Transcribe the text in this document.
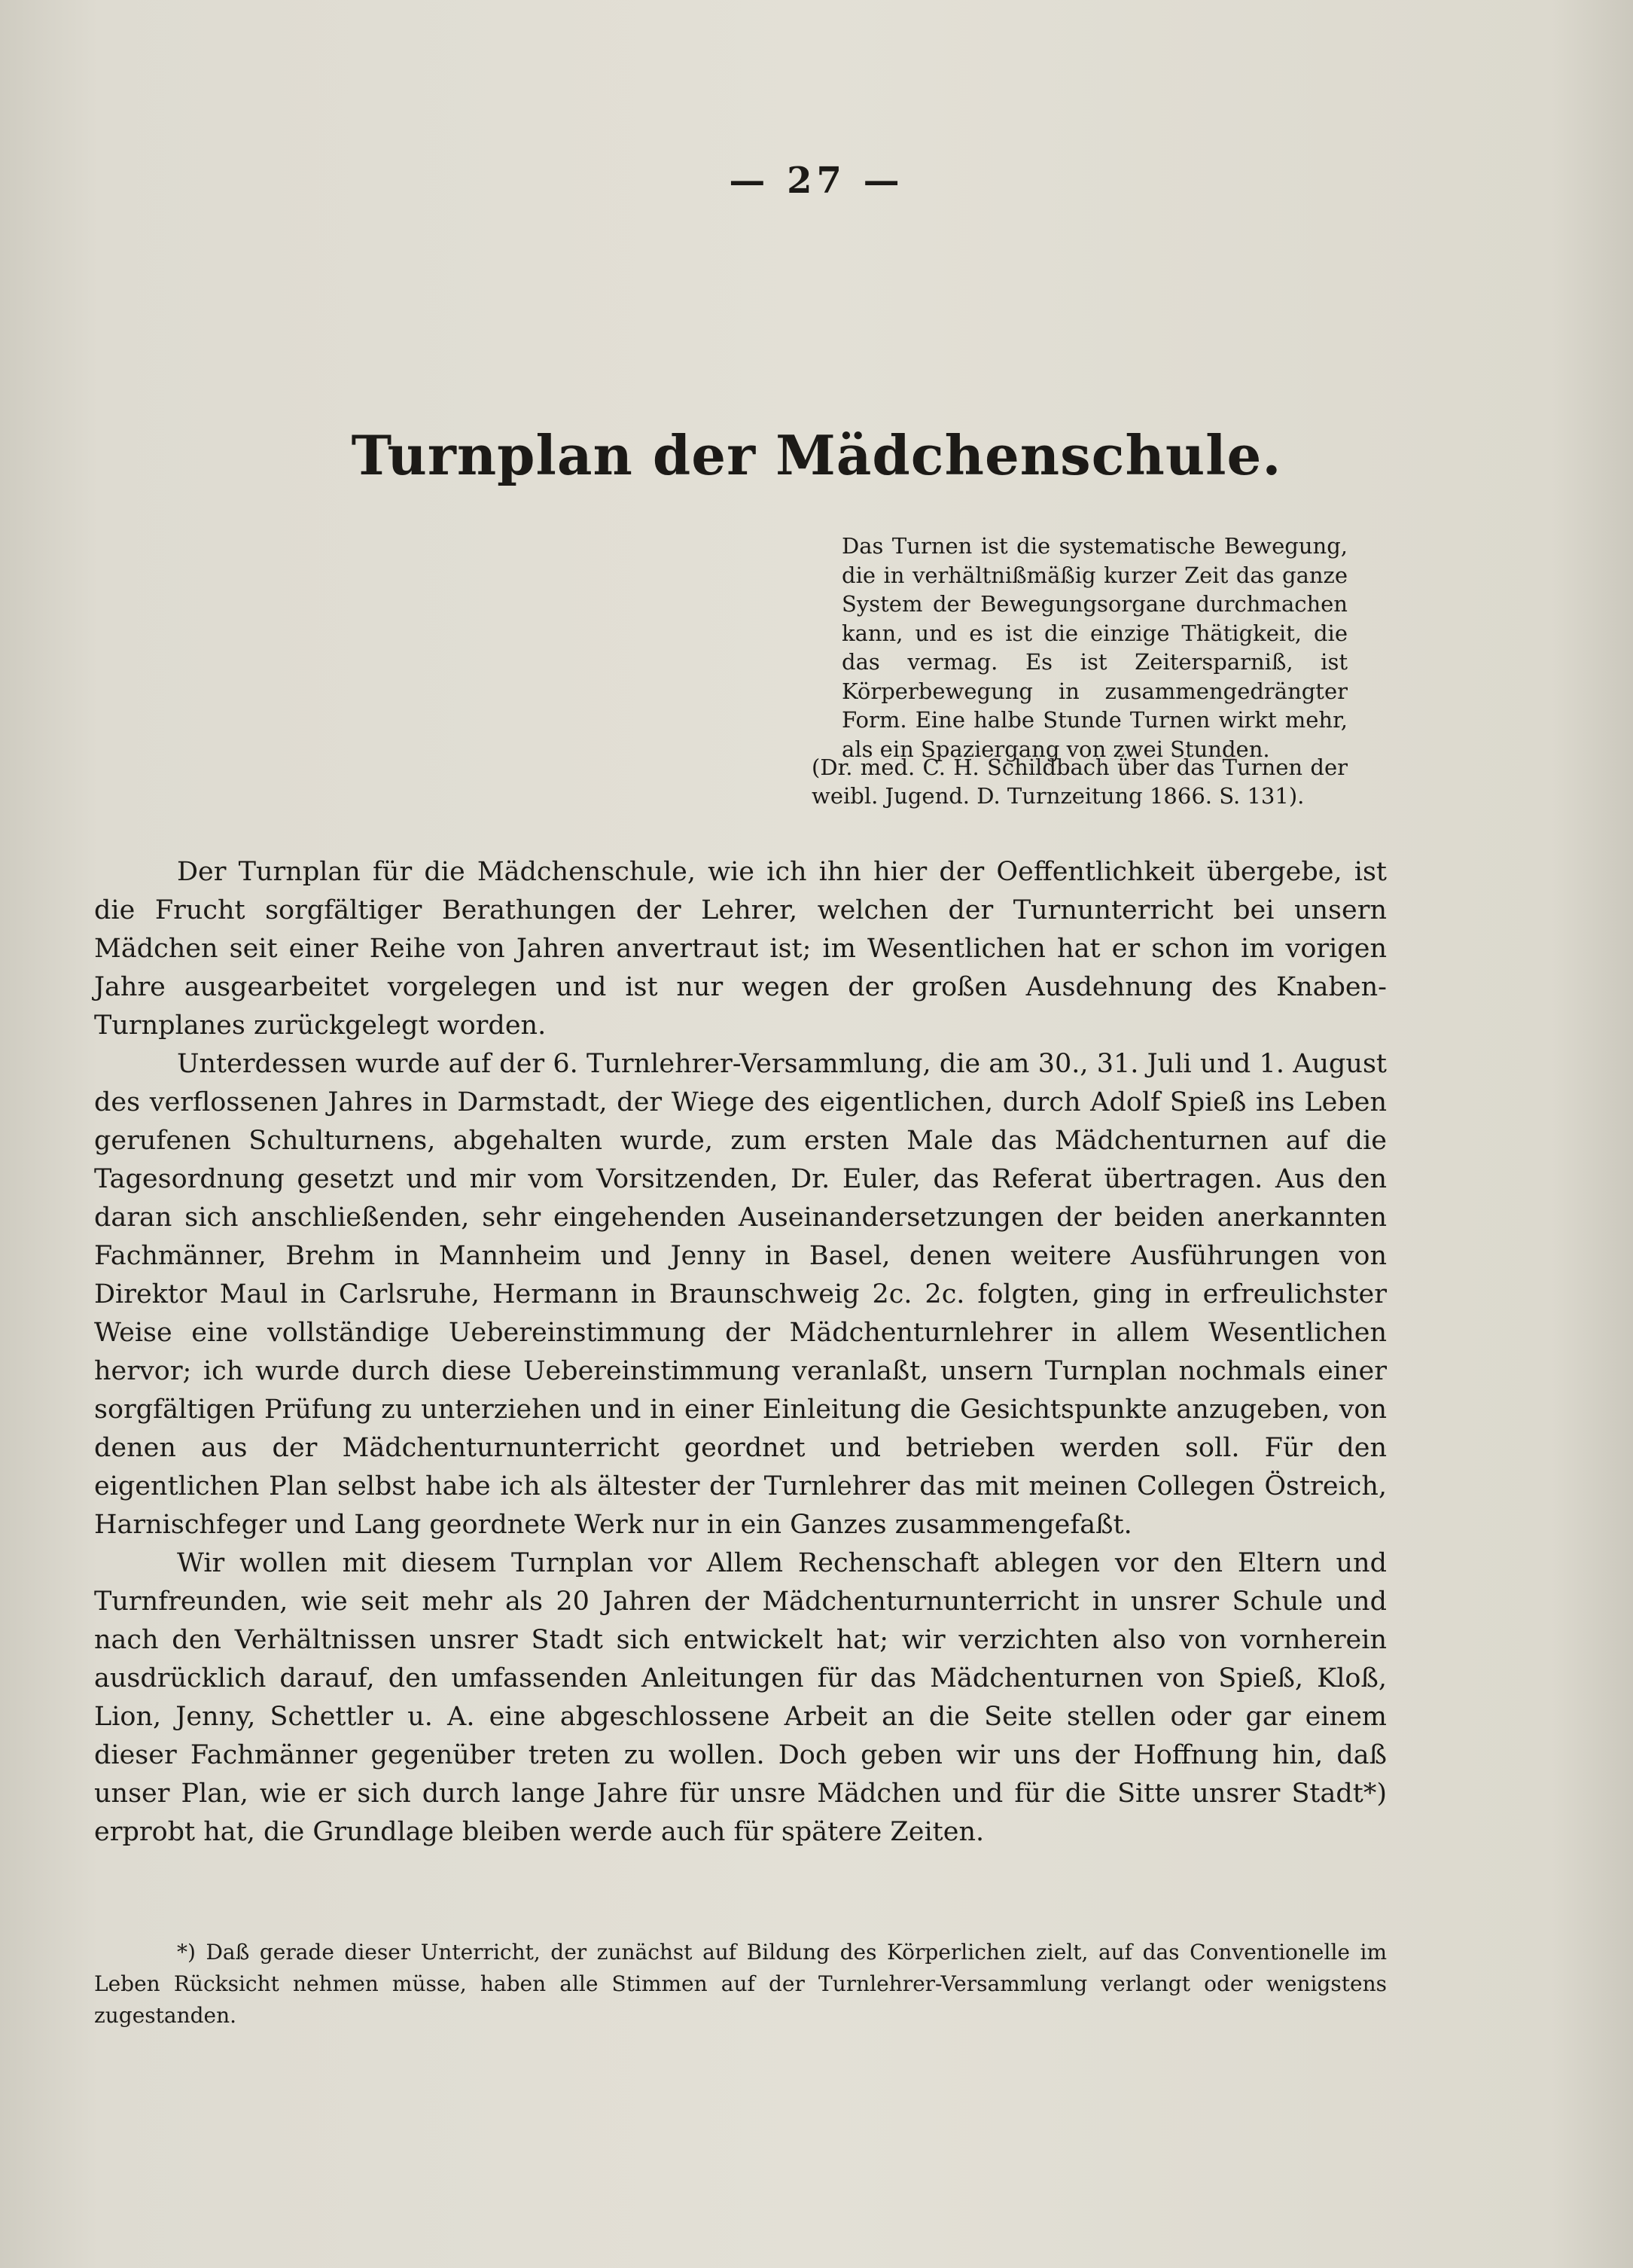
— 27 —
Turnplan der Mädchenschule.

Das Turnen ist die systematische Bewegung, die in verhältnißmäßig kurzer Zeit das ganze System der Bewegungsorgane durchmachen kann, und es ist die einzige Thätigkeit, die das vermag. Es ist Zeitersparniß, ist Körperbewegung in zusammengedrängter Form. Eine halbe Stunde Turnen wirkt mehr, als ein Spaziergang von zwei Stunden.

(Dr. med. C. H. Schildbach über das Turnen der weibl. Jugend. D. Turnzeitung 1866. S. 131).

Der Turnplan für die Mädchenschule, wie ich ihn hier der Oeffentlichkeit übergebe, ist die Frucht sorgfältiger Berathungen der Lehrer, welchen der Turnunterricht bei unsern Mädchen seit einer Reihe von Jahren anvertraut ist; im Wesentlichen hat er schon im vorigen Jahre ausgearbeitet vorgelegen und ist nur wegen der großen Ausdehnung des Knaben-Turnplanes zurückgelegt worden.

Unterdessen wurde auf der 6. Turnlehrer-Versammlung, die am 30., 31. Juli und 1. August des verflossenen Jahres in Darmstadt, der Wiege des eigentlichen, durch Adolf Spieß ins Leben gerufenen Schulturnens, abgehalten wurde, zum ersten Male das Mädchenturnen auf die Tagesordnung gesetzt und mir vom Vorsitzenden, Dr. Euler, das Referat übertragen. Aus den daran sich anschließenden, sehr eingehenden Auseinandersetzungen der beiden anerkannten Fachmänner, Brehm in Mannheim und Jenny in Basel, denen weitere Ausführungen von Direktor Maul in Carlsruhe, Hermann in Braunschweig 2c. 2c. folgten, ging in erfreulichster Weise eine vollständige Uebereinstimmung der Mädchenturnlehrer in allem Wesentlichen hervor; ich wurde durch diese Uebereinstimmung veranlaßt, unsern Turnplan nochmals einer sorgfältigen Prüfung zu unterziehen und in einer Einleitung die Gesichtspunkte anzugeben, von denen aus der Mädchenturnunterricht geordnet und betrieben werden soll. Für den eigentlichen Plan selbst habe ich als ältester der Turnlehrer das mit meinen Collegen Östreich, Harnischfeger und Lang geordnete Werk nur in ein Ganzes zusammengefaßt.

Wir wollen mit diesem Turnplan vor Allem Rechenschaft ablegen vor den Eltern und Turnfreunden, wie seit mehr als 20 Jahren der Mädchenturnunterricht in unsrer Schule und nach den Verhältnissen unsrer Stadt sich entwickelt hat; wir verzichten also von vornherein ausdrücklich darauf, den umfassenden Anleitungen für das Mädchenturnen von Spieß, Kloß, Lion, Jenny, Schettler u. A. eine abgeschlossene Arbeit an die Seite stellen oder gar einem dieser Fachmänner gegenüber treten zu wollen. Doch geben wir uns der Hoffnung hin, daß unser Plan, wie er sich durch lange Jahre für unsre Mädchen und für die Sitte unsrer Stadt*) erprobt hat, die Grundlage bleiben werde auch für spätere Zeiten.

*) Daß gerade dieser Unterricht, der zunächst auf Bildung des Körperlichen zielt, auf das Conventionelle im Leben Rücksicht nehmen müsse, haben alle Stimmen auf der Turnlehrer-Versammlung verlangt oder wenigstens zugestanden.
